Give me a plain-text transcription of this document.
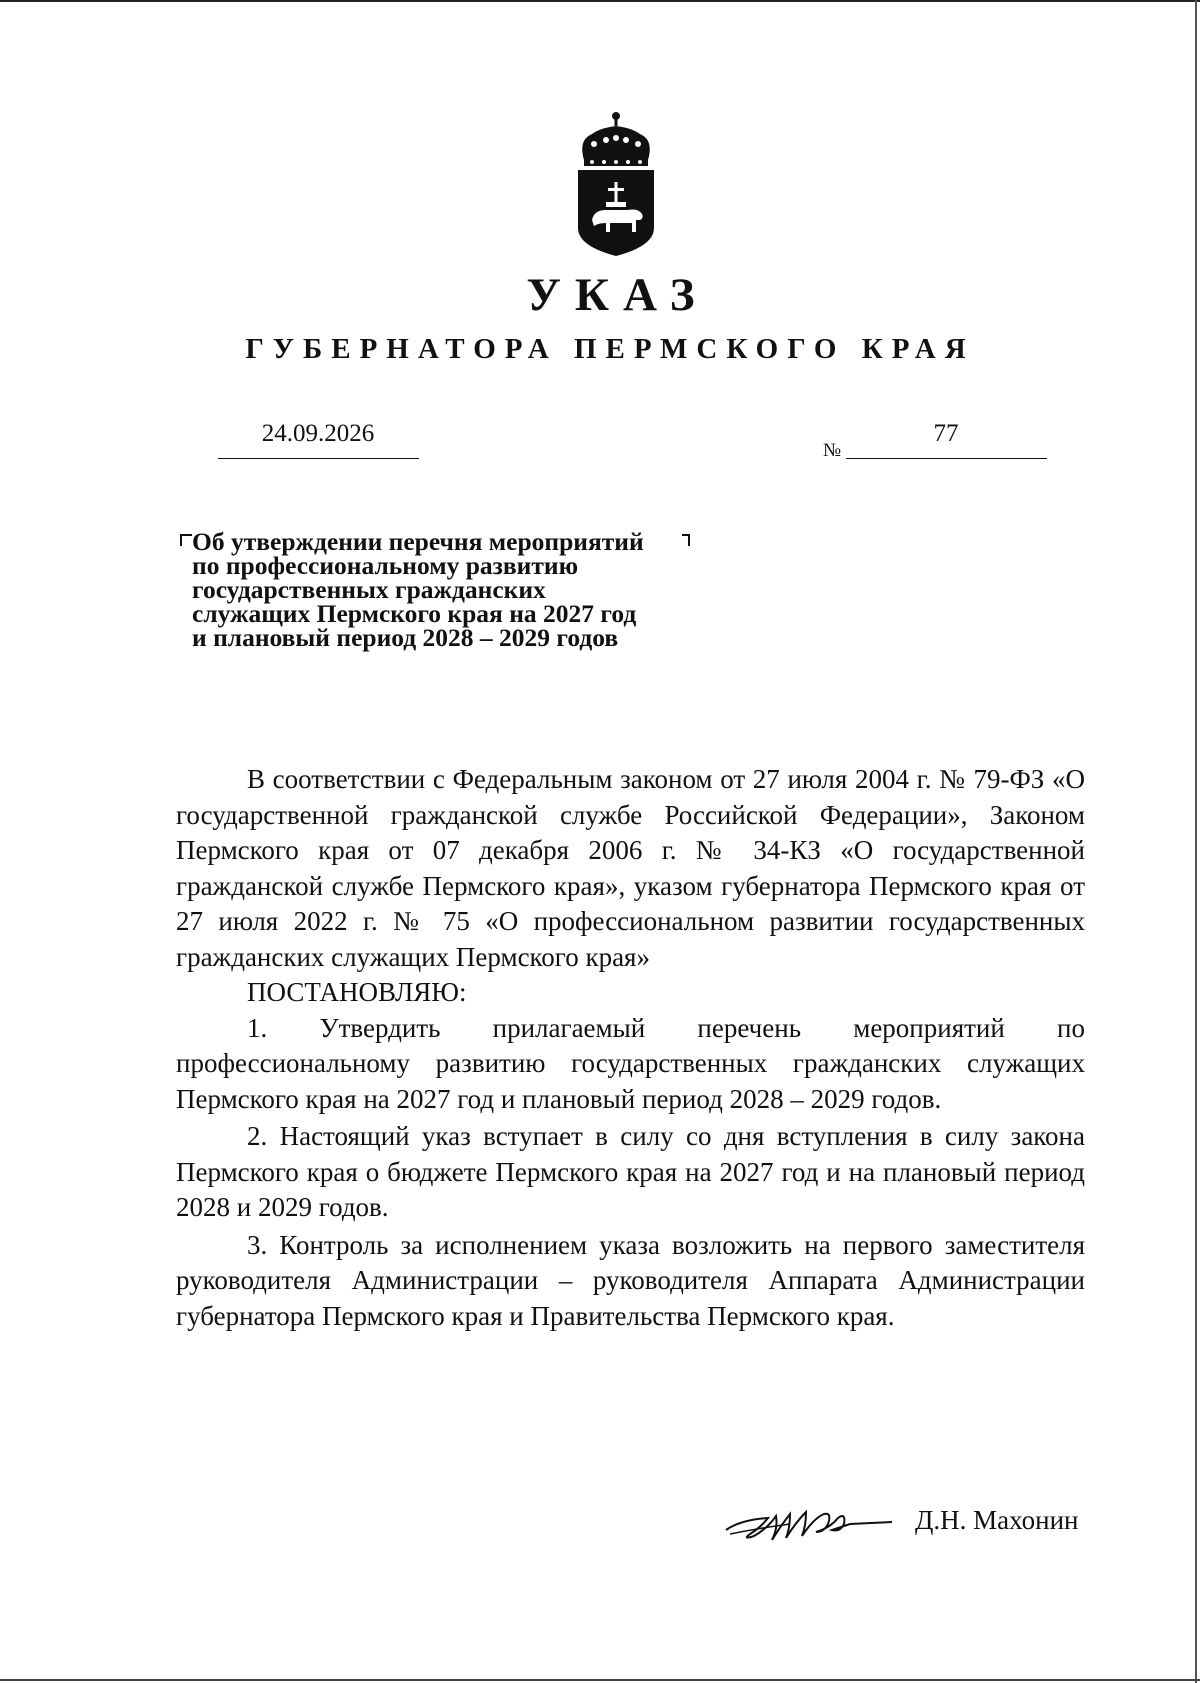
УКАЗ
ГУБЕРНАТОРА ПЕРМСКОГО КРАЯ
24.09.2026
№
77
Об утверждении перечня мероприятий
по профессиональному развитию
государственных гражданских
служащих Пермского края на 2027 год
и плановый период 2028 – 2029 годов

В соответствии с Федеральным законом от 27 июля 2004 г. № 79-ФЗ «О государственной гражданской службе Российской Федерации», Законом Пермского края от 07 декабря 2006 г. № 34-КЗ «О государственной гражданской службе Пермского края», указом губернатора Пермского края от 27 июля 2022 г. № 75 «О профессиональном развитии государственных гражданских служащих Пермского края»

ПОСТАНОВЛЯЮ:

1. Утвердить прилагаемый перечень мероприятий по профессиональному развитию государственных гражданских служащих Пермского края на 2027 год и плановый период 2028 – 2029 годов.

2. Настоящий указ вступает в силу со дня вступления в силу закона Пермского края о бюджете Пермского края на 2027 год и на плановый период 2028 и 2029 годов.

3. Контроль за исполнением указа возложить на первого заместителя руководителя Администрации – руководителя Аппарата Администрации губернатора Пермского края и Правительства Пермского края.

Д.Н. Махонин
